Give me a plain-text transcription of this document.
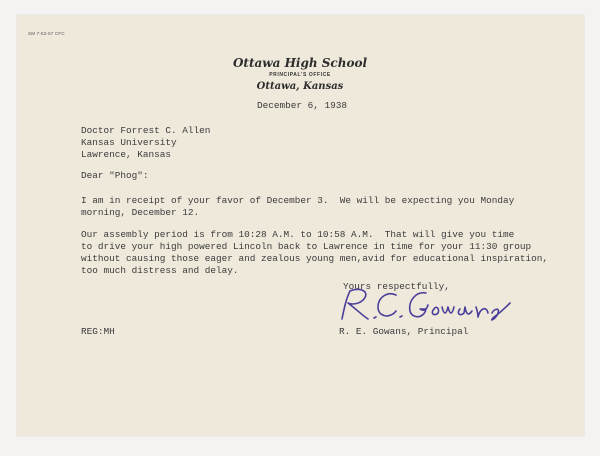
SM 7-52-57 CFC
Ottawa High School
PRINCIPAL'S OFFICE
Ottawa, Kansas
December 6, 1938
Doctor Forrest C. Allen
Kansas University
Lawrence, Kansas
Dear "Phog":
I am in receipt of your favor of December 3.  We will be expecting you Monday
morning, December 12.
Our assembly period is from 10:28 A.M. to 10:58 A.M.  That will give you time
to drive your high powered Lincoln back to Lawrence in time for your 11:30 group
without causing those eager and zealous young men,avid for educational inspiration,
too much distress and delay.
Yours respectfully,
R. E. Gowans, Principal
REG:MH
